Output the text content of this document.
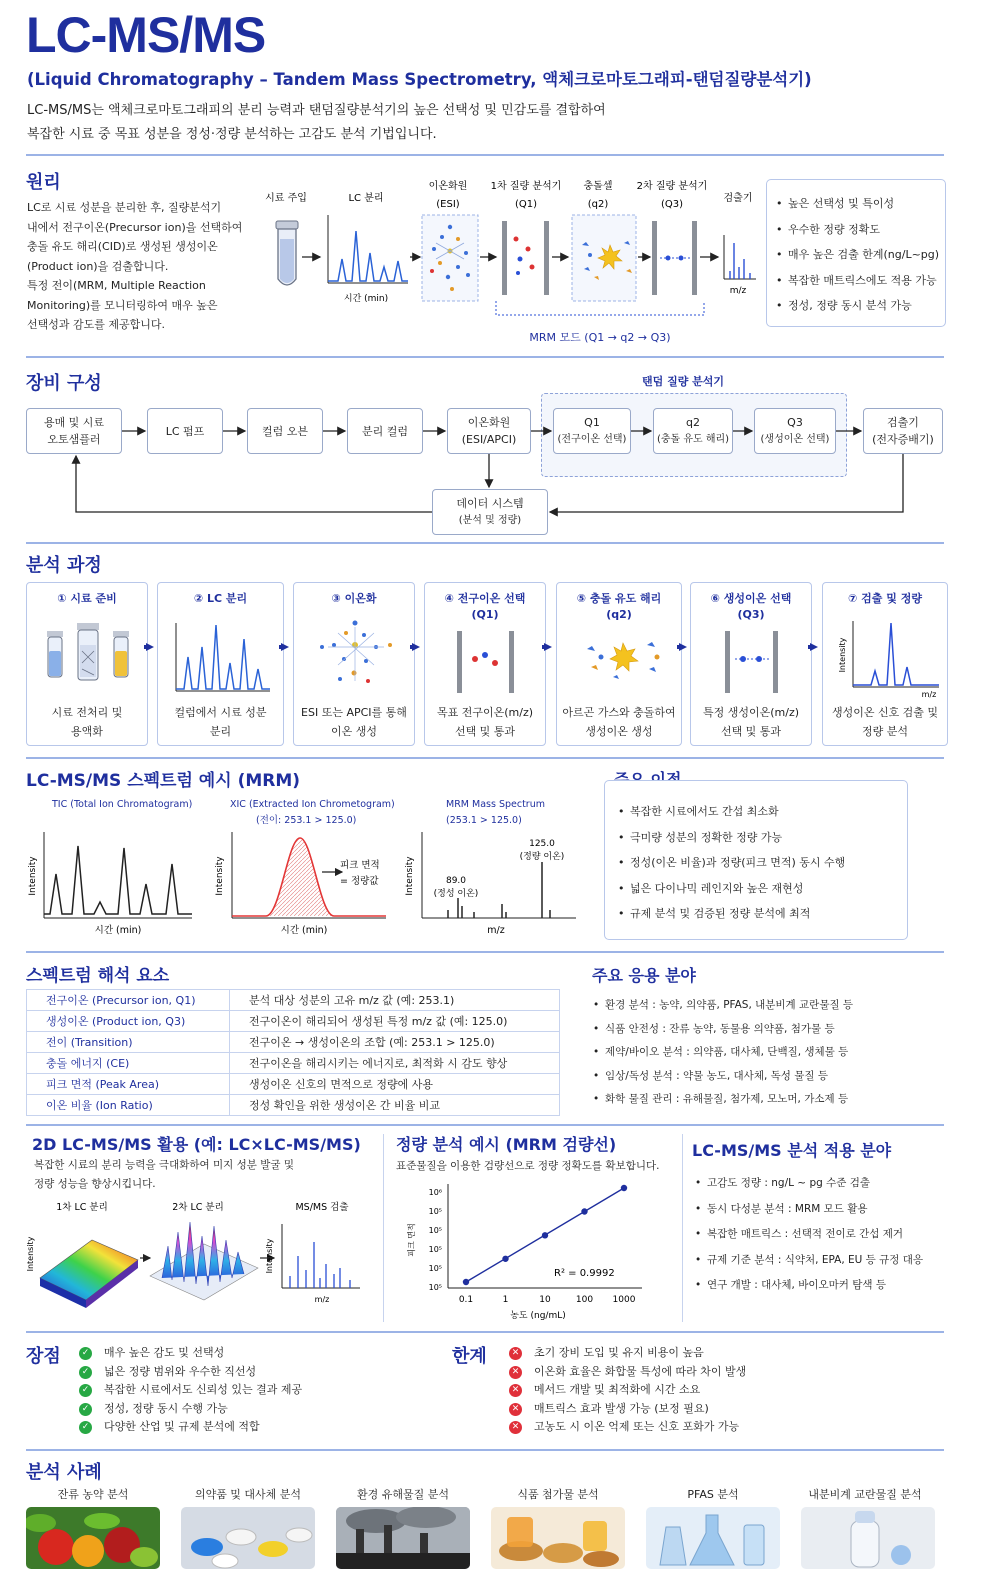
LC-MS/MS
(Liquid Chromatography – Tandem Mass Spectrometry, 액체크로마토그래피-탠덤질량분석기)
LC-MS/MS는 액체크로마토그래피의 분리 능력과 탠덤질량분석기의 높은 선택성 및 민감도를 결합하여
복잡한 시료 중 목표 성분을 정성·정량 분석하는 고감도 분석 기법입니다.
원리
LC로 시료 성분을 분리한 후, 질량분석기
내에서 전구이온(Precursor ion)을 선택하여
충돌 유도 해리(CID)로 생성된 생성이온
(Product ion)을 검출합니다.
특정 전이(MRM, Multiple Reaction
Monitoring)를 모니터링하여 매우 높은
선택성과 감도를 제공합니다.
시료 주입	LC 분리
이온화원
(ESI)
1차 질량 분석기
(Q1)
충돌셀
(q2)
2차 질량 분석기
(Q3)
검출기
시간 (min)
m/z
MRM 모드 (Q1 → q2 → Q3)
• 높은 선택성 및 특이성
• 우수한 정량 정확도
• 매우 높은 검출 한계(ng/L~pg)
• 복잡한 매트릭스에도 적용 가능
• 정성, 정량 동시 분석 가능
장비 구성	탠덤 질량 분석기
용매 및 시료
오토샘플러
LC 펌프	컬럼 오븐	분리 컬럼
이온화원
(ESI/APCI)
Q1
(전구이온 선택)
q2
(충돌 유도 해리)
Q3
(생성이온 선택)
검출기
(전자증배기)
데이터 시스템
(분석 및 정량)
분석 과정
① 시료 준비
시료 전처리 및
용액화
② LC 분리
컬럼에서 시료 성분
분리
③ 이온화
ESI 또는 APCI를 통해
이온 생성
④ 전구이온 선택
(Q1)
목표 전구이온(m/z)
선택 및 통과
⑤ 충돌 유도 해리
(q2)
아르곤 가스와 충돌하여
생성이온 생성
⑥ 생성이온 선택
(Q3)
특정 생성이온(m/z)
선택 및 통과
⑦ 검출 및 정량
Intensity
m/z
생성이온 신호 검출 및
정량 분석
LC-MS/MS 스펙트럼 예시 (MRM)
TIC (Total Ion Chromatogram)
시간 (min)
Intensity
XIC (Extracted Ion Chrometogram)
(전이: 253.1 > 125.0)
피크 면적
= 정량값
시간 (min)
Intensity
MRM Mass Spectrum
(253.1 > 125.0)
89.0
(정성 이온)
125.0
(정량 이온)
m/z
Intensity
• 복잡한 시료에서도 간섭 최소화
• 극미량 성분의 정확한 정량 가능
• 정성(이온 비율)과 정량(피크 면적) 동시 수행
• 넓은 다이나믹 레인지와 높은 재현성
• 규제 분석 및 검증된 정량 분석에 최적
스펙트럼 해석 요소
전구이온 (Precursor ion, Q1)	분석 대상 성분의 고유 m/z 값 (예: 253.1)
생성이온 (Product ion, Q3)	전구이온이 해리되어 생성된 특정 m/z 값 (예: 125.0)
전이 (Transition)	전구이온 → 생성이온의 조합 (예: 253.1 > 125.0)
충돌 에너지 (CE)	전구이온을 해리시키는 에너지로, 최적화 시 감도 향상
피크 면적 (Peak Area)	생성이온 신호의 면적으로 정량에 사용
이온 비율 (Ion Ratio)	정성 확인을 위한 생성이온 간 비율 비교
주요 응용 분야
• 환경 분석 : 농약, 의약품, PFAS, 내분비계 교란물질 등
• 식품 안전성 : 잔류 농약, 동물용 의약품, 첨가물 등
• 제약/바이오 분석 : 의약품, 대사체, 단백질, 생체물 등
• 임상/독성 분석 : 약물 농도, 대사체, 독성 물질 등
• 화학 물질 관리 : 유해물질, 첨가제, 모노머, 가소제 등
2D LC-MS/MS 활용 (예: LC×LC-MS/MS)
복잡한 시료의 분리 능력을 극대화하여 미지 성분 발굴 및
정량 성능을 향상시킵니다.
1차 LC 분리	2차 LC 분리	MS/MS 검출
Intensity	Intensity
m/z
정량 분석 예시 (MRM 검량선)
표준물질을 이용한 검량선으로 정량 정확도를 확보합니다.
10⁶
10⁵
10⁵
10⁵
10⁵
10⁵
0.1	1	10	100 1000
R² = 0.9992
피크 면적
농도 (ng/mL)
LC-MS/MS 분석 적용 분야
• 고감도 정량 : ng/L ~ pg 수준 검출
• 동시 다성분 분석 : MRM 모드 활용
• 복잡한 매트릭스 : 선택적 전이로 간섭 제거
• 규제 기준 분석 : 식약처, EPA, EU 등 규정 대응
• 연구 개발 : 대사체, 바이오마커 탐색 등
장점	✓ 매우 높은 감도 및 선택성
✓ 넓은 정량 범위와 우수한 직선성
✓ 복잡한 시료에서도 신뢰성 있는 결과 제공
✓ 정성, 정량 동시 수행 가능
✓ 다양한 산업 및 규제 분석에 적합
한계	✕ 초기 장비 도입 및 유지 비용이 높음
✕ 이온화 효율은 화합물 특성에 따라 차이 발생
✕ 메서드 개발 및 최적화에 시간 소요
✕ 매트릭스 효과 발생 가능 (보정 필요)
✕ 고농도 시 이온 억제 또는 신호 포화가 가능
분석 사례
잔류 농약 분석	의약품 및 대사체 분석	환경 유해물질 분석	식품 첨가물 분석	PFAS 분석	내분비계 교란물질 분석
